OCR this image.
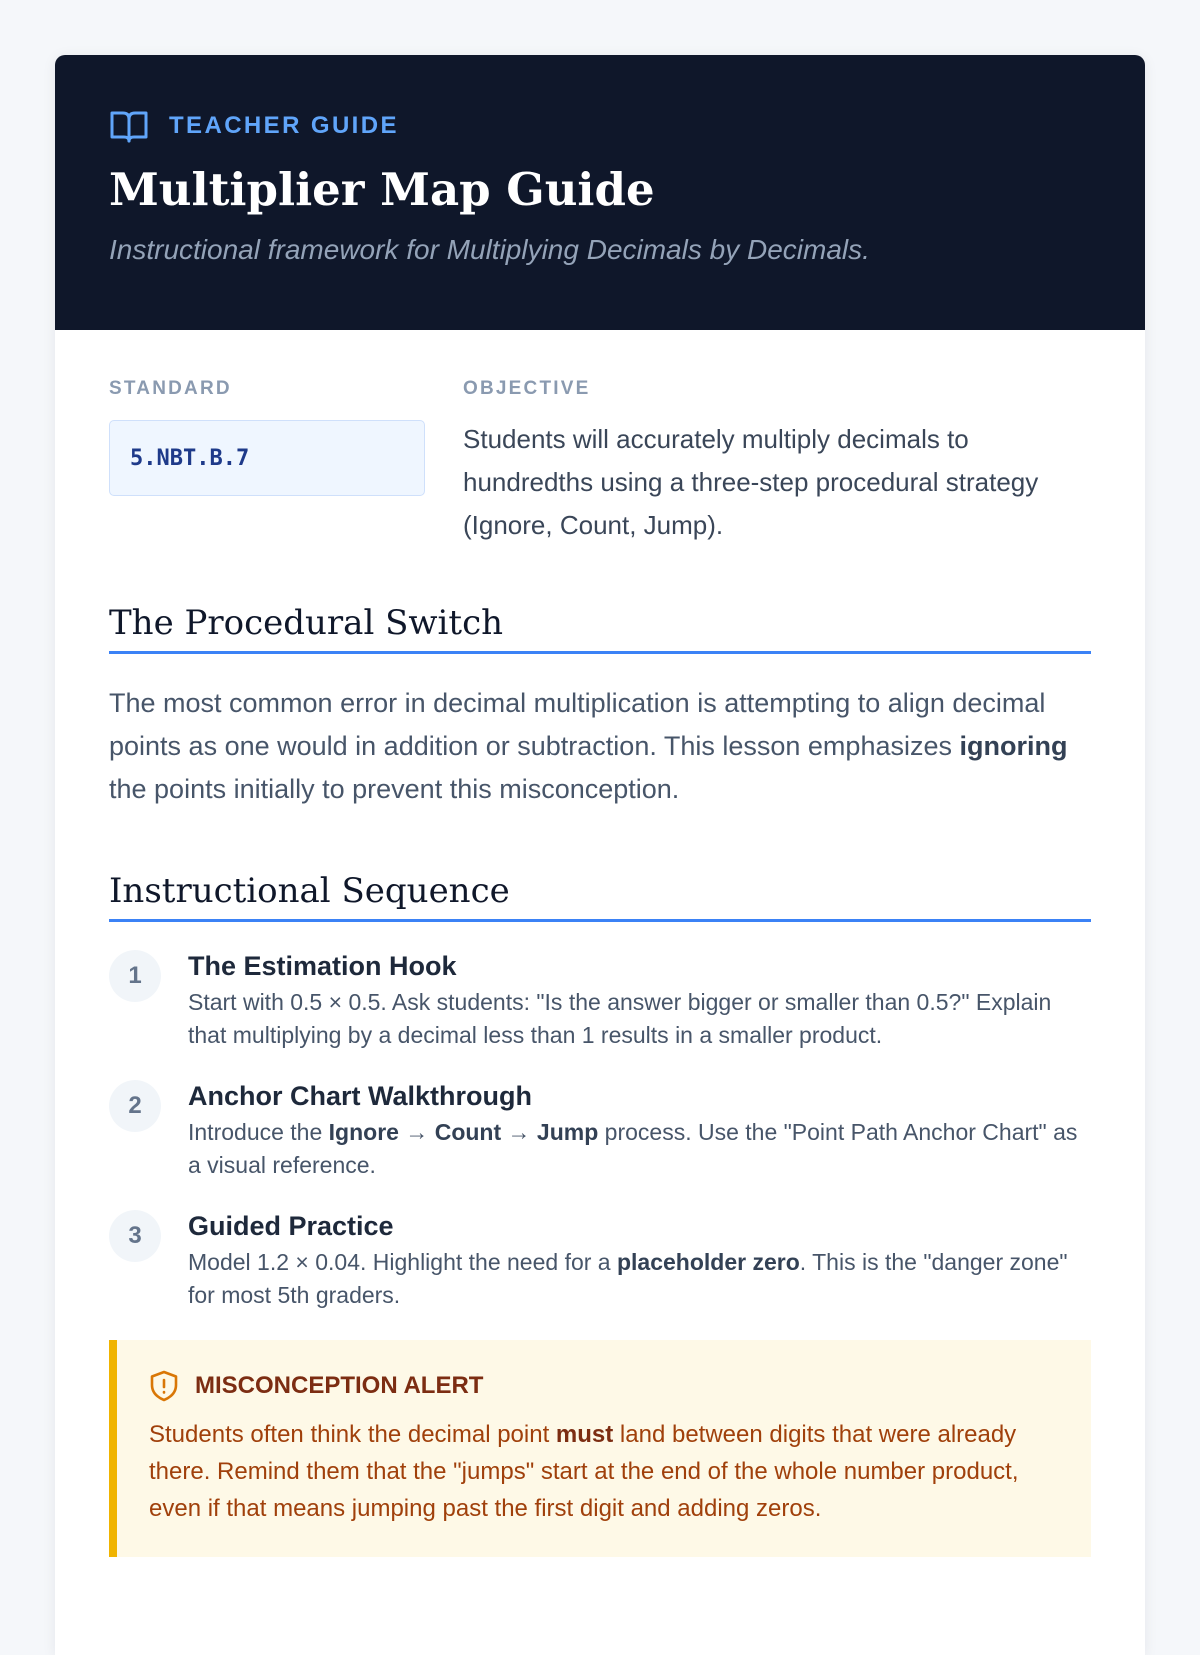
TEACHER GUIDE
Multiplier Map Guide
Instructional framework for Multiplying Decimals by Decimals.
STANDARD
5.NBT.B.7
OBJECTIVE
Students will accurately multiply decimals to hundredths using a three-step procedural strategy (Ignore, Count, Jump).
The Procedural Switch
The most common error in decimal multiplication is attempting to align decimal points as one would in addition or subtraction. This lesson emphasizes ignoring the points initially to prevent this misconception.
Instructional Sequence
1	The Estimation Hook
Start with 0.5 × 0.5. Ask students: "Is the answer bigger or smaller than 0.5?" Explain that multiplying by a decimal less than 1 results in a smaller product.
2	Anchor Chart Walkthrough
Introduce the Ignore → Count → Jump process. Use the "Point Path Anchor Chart" as a visual reference.
3	Guided Practice
Model 1.2 × 0.04. Highlight the need for a placeholder zero. This is the "danger zone" for most 5th graders.
MISCONCEPTION ALERT
Students often think the decimal point must land between digits that were already there. Remind them that the "jumps" start at the end of the whole number product, even if that means jumping past the first digit and adding zeros.
